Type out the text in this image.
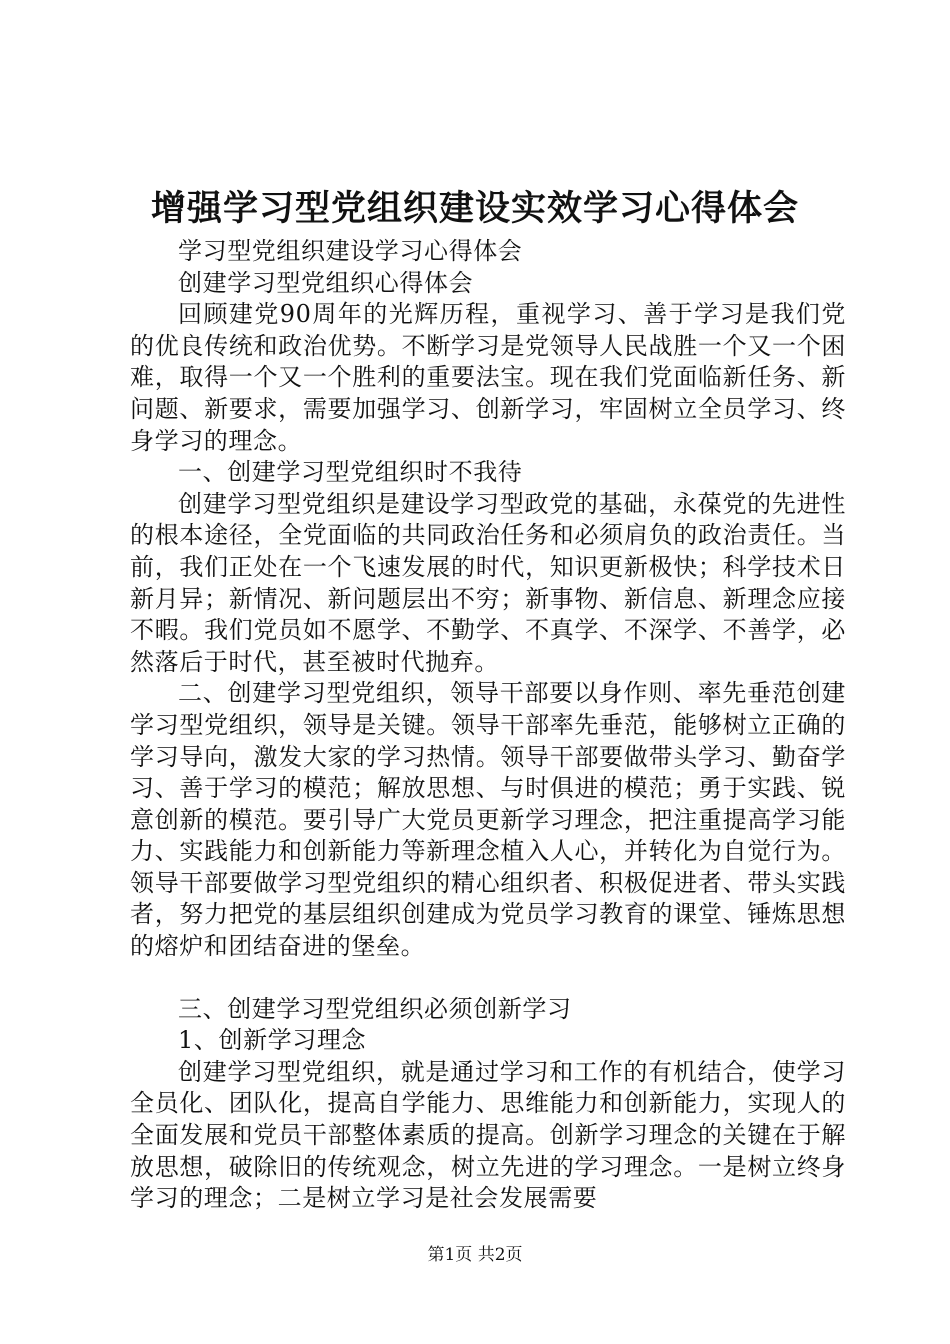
增强学习型党组织建设实效学习心得体会

学习型党组织建设学习心得体会

创建学习型党组织心得体会

回顾建党90周年的光辉历程，重视学习、善于学习是我们党的优良传统和政治优势。不断学习是党领导人民战胜一个又一个困难，取得一个又一个胜利的重要法宝。现在我们党面临新任务、新问题、新要求，需要加强学习、创新学习，牢固树立全员学习、终身学习的理念。

一、创建学习型党组织时不我待

创建学习型党组织是建设学习型政党的基础，永葆党的先进性的根本途径，全党面临的共同政治任务和必须肩负的政治责任。当前，我们正处在一个飞速发展的时代，知识更新极快；科学技术日新月异；新情况、新问题层出不穷；新事物、新信息、新理念应接不暇。我们党员如不愿学、不勤学、不真学、不深学、不善学，必然落后于时代，甚至被时代抛弃。

二、创建学习型党组织，领导干部要以身作则、率先垂范创建学习型党组织，领导是关键。领导干部率先垂范，能够树立正确的学习导向，激发大家的学习热情。领导干部要做带头学习、勤奋学习、善于学习的模范；解放思想、与时俱进的模范；勇于实践、锐意创新的模范。要引导广大党员更新学习理念，把注重提高学习能力、实践能力和创新能力等新理念植入人心，并转化为自觉行为。领导干部要做学习型党组织的精心组织者、积极促进者、带头实践者，努力把党的基层组织创建成为党员学习教育的课堂、锤炼思想的熔炉和团结奋进的堡垒。

三、创建学习型党组织必须创新学习

1、创新学习理念

创建学习型党组织，就是通过学习和工作的有机结合，使学习全员化、团队化，提高自学能力、思维能力和创新能力，实现人的全面发展和党员干部整体素质的提高。创新学习理念的关键在于解放思想，破除旧的传统观念，树立先进的学习理念。一是树立终身学习的理念；二是树立学习是社会发展需要

第1页 共2页
